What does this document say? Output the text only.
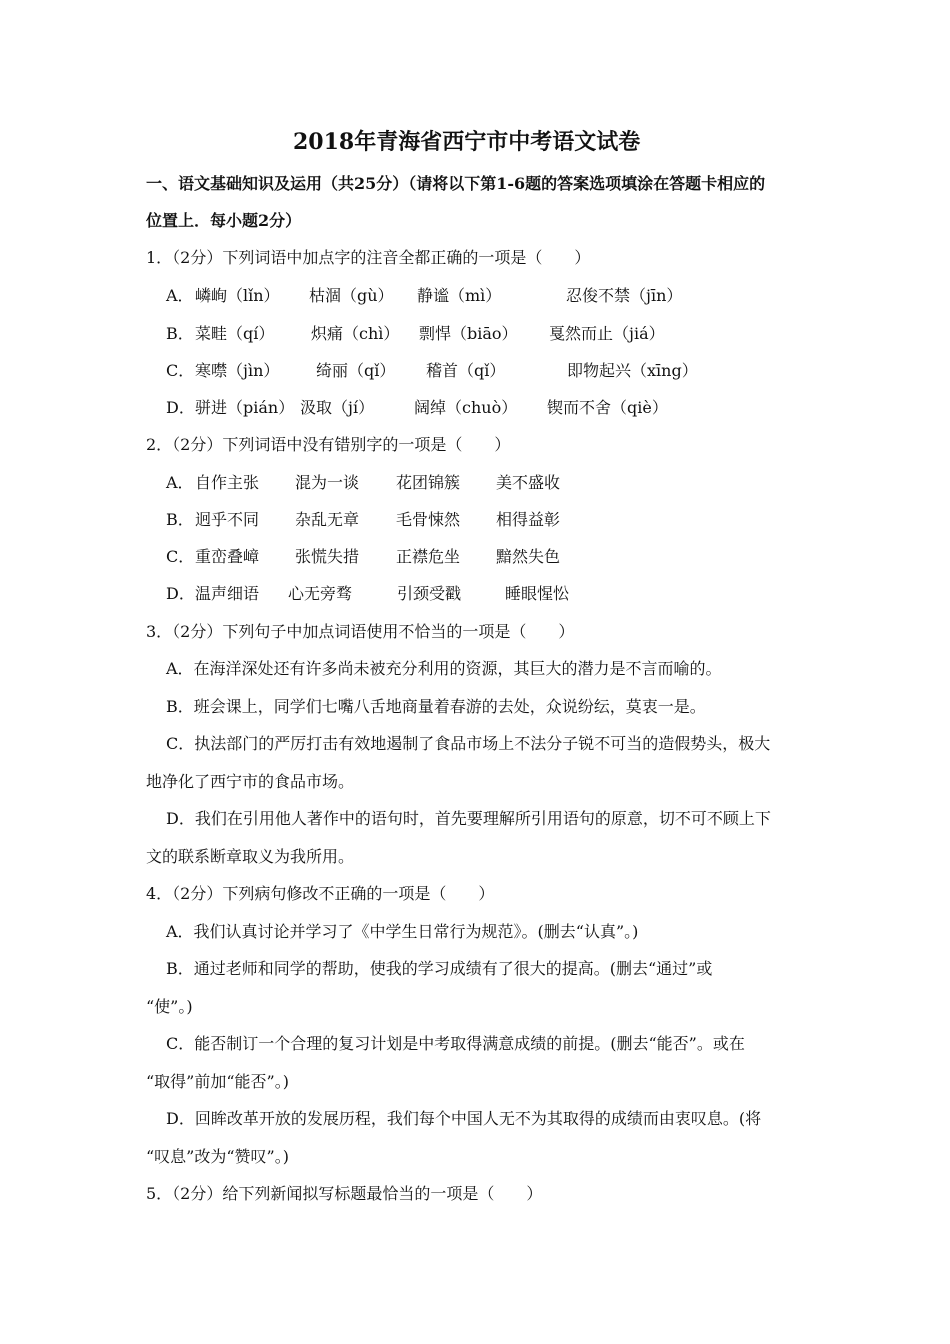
2018年青海省西宁市中考语文试卷
一、语文基础知识及运用（共25分）（请将以下第1-6题的答案选项填涂在答题卡相应的
位置上．每小题2分）
1．（2分）下列词语中加点字的注音全都正确的一项是（　　）
A． 嶙峋（lǐn） 枯涸（gù） 静谧（mì）	忍俊不禁（jīn）
B． 菜畦（qí） 炽痛（chì） 剽悍（biāo） 戛然而止（jiá）
C． 寒噤（jìn） 绮丽（qǐ） 稽首（qǐ）	即物起兴（xīng）
D． 骈进（pián） 汲取（jí） 阔绰（chuò） 锲而不舍（qiè）
2．（2分）下列词语中没有错别字的一项是（　　）
A． 自作主张 混为一谈 花团锦簇 美不盛收
B． 迥乎不同 杂乱无章 毛骨悚然 相得益彰
C． 重峦叠嶂 张慌失措 正襟危坐 黯然失色
D． 温声细语 心无旁骛	引颈受戳	睡眼惺忪
3．（2分）下列句子中加点词语使用不恰当的一项是（　　）
A．在海洋深处还有许多尚未被充分利用的资源，其巨大的潜力是不言而喻的。
B．班会课上，同学们七嘴八舌地商量着春游的去处，众说纷纭，莫衷一是。
C．执法部门的严厉打击有效地遏制了食品市场上不法分子锐不可当的造假势头，极大
地净化了西宁市的食品市场。
D．我们在引用他人著作中的语句时，首先要理解所引用语句的原意，切不可不顾上下
文的联系断章取义为我所用。
4．（2分）下列病句修改不正确的一项是（　　）
A．我们认真讨论并学习了《中学生日常行为规范》。(删去“认真”。)
B．通过老师和同学的帮助，使我的学习成绩有了很大的提高。(删去“通过”或
“使”。)
C．能否制订一个合理的复习计划是中考取得满意成绩的前提。(删去“能否”。或在
“取得”前加“能否”。)
D．回眸改革开放的发展历程，我们每个中国人无不为其取得的成绩而由衷叹息。(将
“叹息”改为“赞叹”。)
5．（2分）给下列新闻拟写标题最恰当的一项是（　　）
